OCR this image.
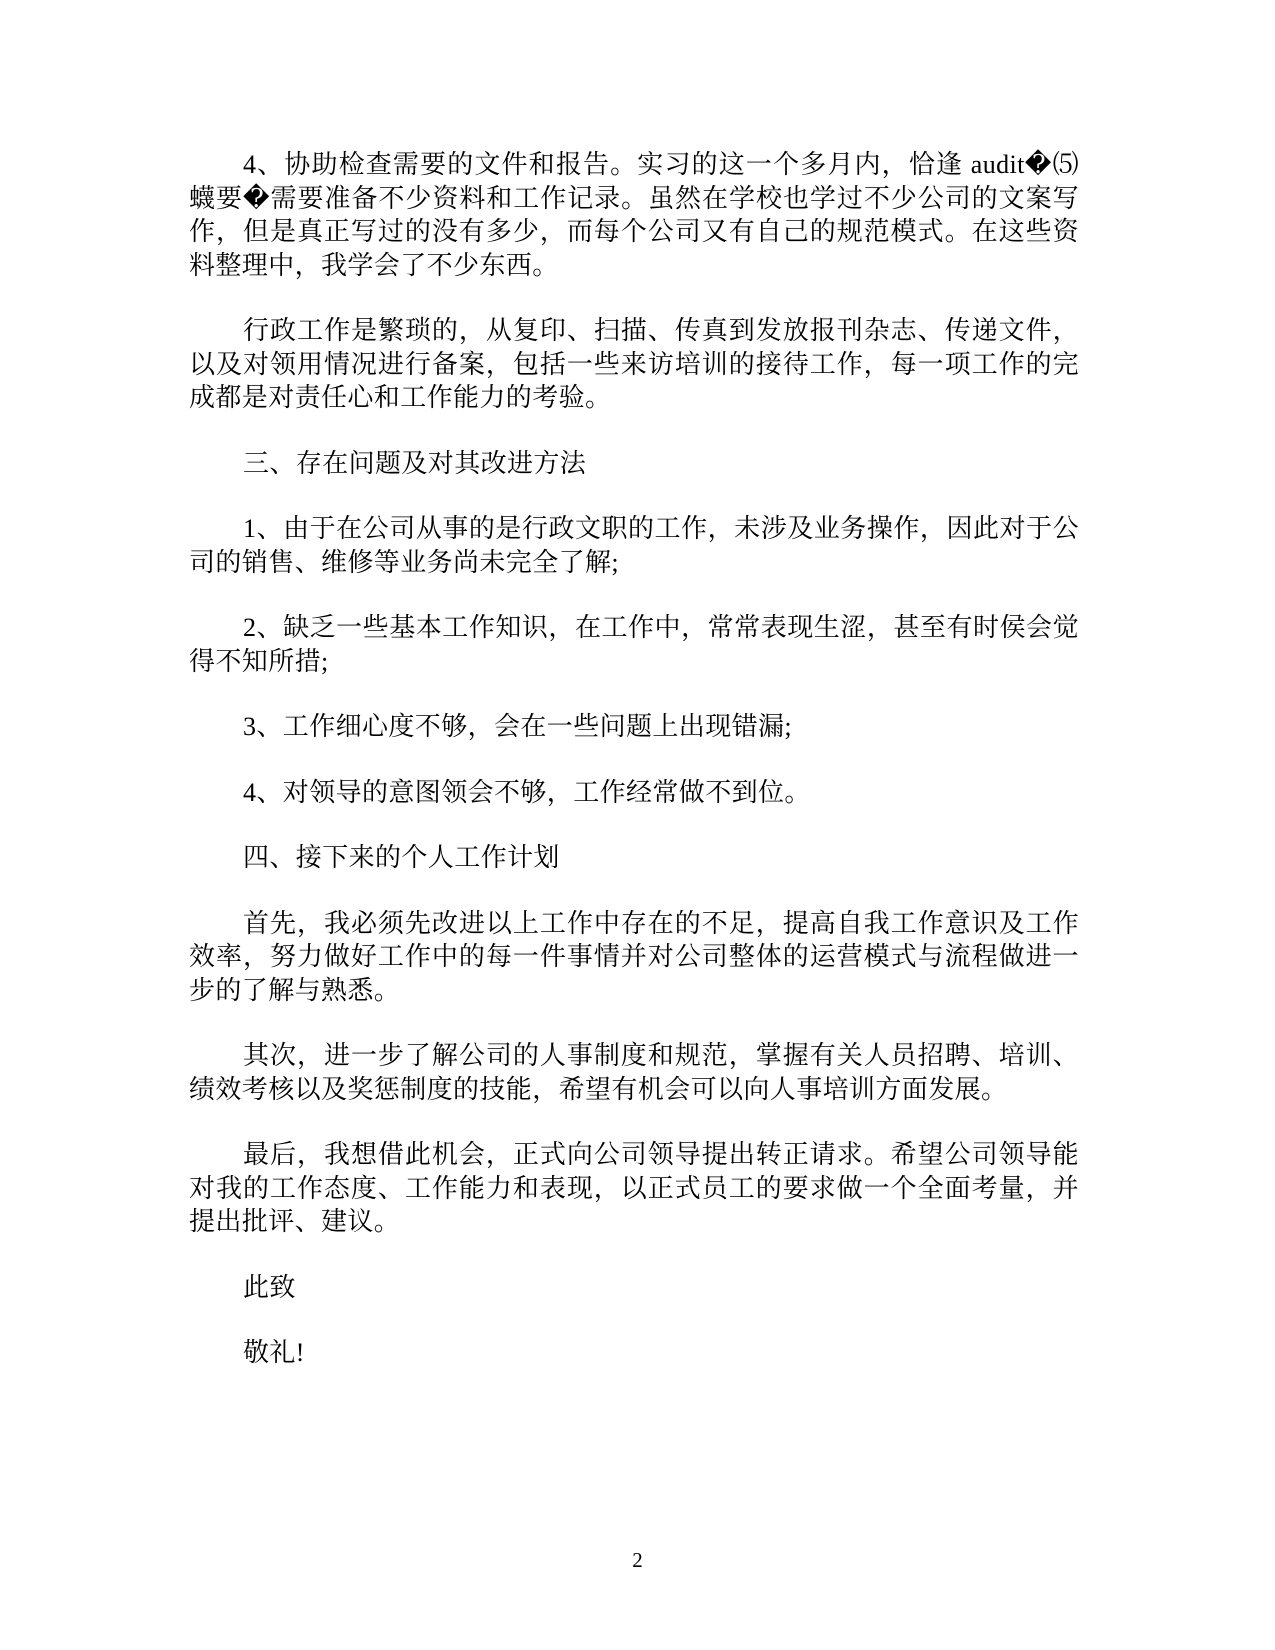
4、协助检查需要的文件和报告。实习的这一个多月内，恰逢 audit�⑸蠛要�需要准备不少资料和工作记录。虽然在学校也学过不少公司的文案写作，但是真正写过的没有多少，而每个公司又有自己的规范模式。在这些资料整理中，我学会了不少东西。

行政工作是繁琐的，从复印、扫描、传真到发放报刊杂志、传递文件，以及对领用情况进行备案，包括一些来访培训的接待工作，每一项工作的完成都是对责任心和工作能力的考验。

三、存在问题及对其改进方法

1、由于在公司从事的是行政文职的工作，未涉及业务操作，因此对于公司的销售、维修等业务尚未完全了解;

2、缺乏一些基本工作知识，在工作中，常常表现生涩，甚至有时侯会觉得不知所措;

3、工作细心度不够，会在一些问题上出现错漏;

4、对领导的意图领会不够，工作经常做不到位。

四、接下来的个人工作计划

首先，我必须先改进以上工作中存在的不足，提高自我工作意识及工作效率，努力做好工作中的每一件事情并对公司整体的运营模式与流程做进一步的了解与熟悉。

其次，进一步了解公司的人事制度和规范，掌握有关人员招聘、培训、绩效考核以及奖惩制度的技能，希望有机会可以向人事培训方面发展。

最后，我想借此机会，正式向公司领导提出转正请求。希望公司领导能对我的工作态度、工作能力和表现，以正式员工的要求做一个全面考量，并提出批评、建议。

此致

敬礼!

2
